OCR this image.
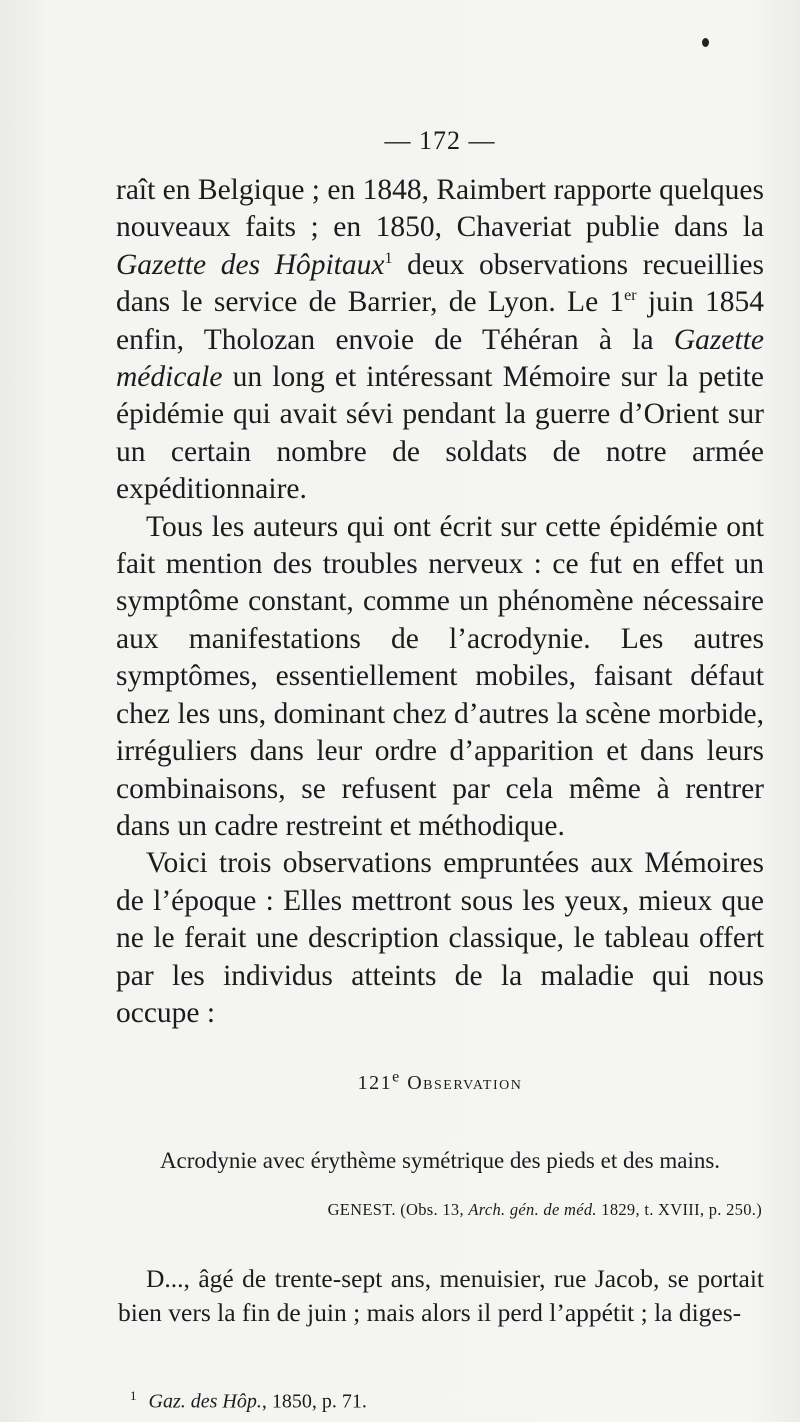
— 172 —

raît en Belgique ; en 1848, Raimbert rapporte quelques nouveaux faits ; en 1850, Chaveriat publie dans la Gazette des Hôpitaux$^1$ deux observations recueillies dans le service de Barrier, de Lyon. Le 1er juin 1854 enfin, Tholozan envoie de Téhéran à la Gazette médicale un long et intéressant Mémoire sur la petite épidémie qui avait sévi pendant la guerre d’Orient sur un certain nombre de soldats de notre armée expéditionnaire.

Tous les auteurs qui ont écrit sur cette épidémie ont fait mention des troubles nerveux : ce fut en effet un symptôme constant, comme un phénomène nécessaire aux manifestations de l’acrodynie. Les autres symptômes, essentiellement mobiles, faisant défaut chez les uns, dominant chez d’autres la scène morbide, irréguliers dans leur ordre d’apparition et dans leurs combinaisons, se refusent par cela même à rentrer dans un cadre restreint et méthodique.

Voici trois observations empruntées aux Mémoires de l’époque : Elles mettront sous les yeux, mieux que ne le ferait une description classique, le tableau offert par les individus atteints de la maladie qui nous occupe :

121e Observation
Acrodynie avec érythème symétrique des pieds et des mains.
GENEST. (Obs. 13, Arch. gén. de méd. 1829, t. XVIII, p. 250.)

D..., âgé de trente-sept ans, menuisier, rue Jacob, se portait bien vers la fin de juin ; mais alors il perd l’appétit ; la diges-

$^1$ Gaz. des Hôp., 1850, p. 71.
